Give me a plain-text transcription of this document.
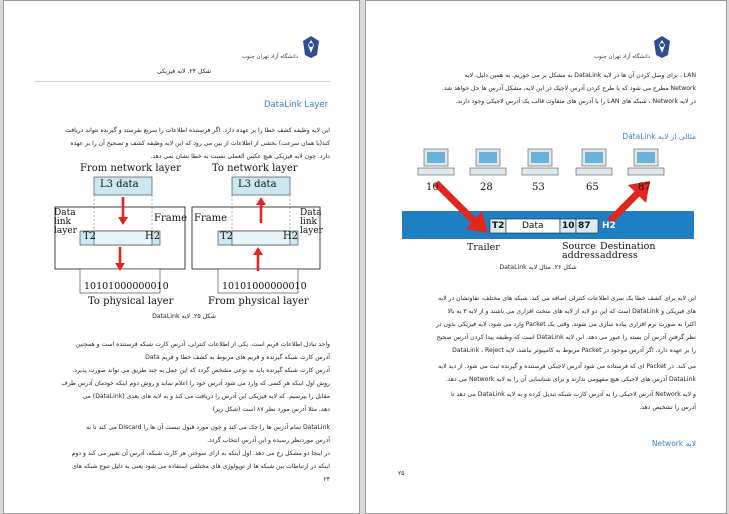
دانشگاه آزاد تهران جنوب

شکل ۲۴. لایه فیزیکی

DataLink Layer

این لایه وظیفه کشف خطا را بر عهده دارد. اگر فرستنده اطلاعات را سریع بفرستد و گیرنده نتواند دریافت

کند(یا همان سرعت) بخشی از اطلاعات از بین می رود که این لایه وظیفه کشف و تصحیح آن را بر عهده

دارد. چون لایه فیزیکی هیچ عکس العملی نسبت به خطا نشان نمی دهد.

From network layer	To network layer
L3 data	L3 data
Data link layer
Data link layer
Frame Frame
T2	H2	T2	H2
10101000000010	10101000000010
To physical layer	From physical layer

شکل ۲۵. لایه DataLink

واحد تبادل اطلاعات فریم است. یکی از اطلاعات کنترلی، آدرس کارت شبکه فرستنده است و همچنین

آدرس کارت شبکه گیرنده و فریم های مربوط به کشف خطا و فریم Data

آدرس کارت شبکه گیرنده باید به نوعی مشخص گردد که این عمل به چند طریق می تواند صورت پذیرد.

روش اول اینکه هر کسی که وارد می شود آدرس خود را اعلام نماید و روش دوم اینکه خودمان آدرس طرف

مقابل را بپرسیم. که لایه فیزیکی این آدرس را دریافت می کند و به لایه های بعدی (DataLink) می

دهد. مثلا آدرس مورد نظر ۸۷ است (شکل زیر)

DataLink تمام آدرس ها را چک می کند و چون مورد قبول نیست آن ها را Discard می کند تا به

آدرس موردنظر رسیده و این آدرس انتخاب گردد.

در اینجا دو مشکل رخ می دهد. اول اینکه به ازای سوختن هر کارت شبکه، آدرس آن تغییر می کند و دوم

اینکه در ارتباطات بین شبکه ها از توپولوژی های مختلفی استفاده می شود یعنی به دلیل تنوع شبکه های

۲۴

دانشگاه آزاد تهران جنوب

LAN ، برای وصل کردن آن ها در لایه DataLink به مشکل بر می خوریم. به همین دلیل، لایه

Network مطرح می شود که با طرح کردن آدرس لاجیک در این لایه، مشکل آدرس ها حل خواهد شد.

در لایه Network ، شبکه های LAN را با آدرس های متفاوت قالب یک آدرس لاجیکی وجود دارند.

مثالی از لایه DataLink

10	28	53	65	87
T2 Data 10 87 H2
Trailer	Source address
Destination address

شکل ۲۶. مثال لایه DataLink

این لایه برای کشف خطا یک سری اطلاعات کنترلی اضافه می کند. شبکه های مختلف، تفاوتشان در لایه

های فیزیکی و DataLink است که این دو لایه از لایه های سخت افزاری می باشند و از لایه ۳ به بالا

اکثرا به صورت نرم افزاری پیاده سازی می شوند. وقتی یک Packet وارد می شود، لایه فیزیکی بدون در

نظر گرفتن آدرس آن بسته را عبور می دهد. این لایه DataLink است که وظیفه پیدا کردن آدرس صحیح

را بر عهده دارد. اگر آدرس موجود در Packet مربوط به کامپیوتر نباشد، لایه DataLink ، Reject

می کند. در Packet ای که فرستاده می شود آدرس لاجیکی فرستنده و گیرنده ثبت می شود. از دید لایه

DataLink آدرس های لاجیکی هیچ مفهومی ندارند و برای شناسایی آن را به لایه Network می دهد.

و لایه Network آدرس لاجیکی را به آدرس کارت شبکه تبدیل کرده و به لایه DataLink می دهد تا

آدرس را تشخیص دهد.

لایه Network

۲۵
